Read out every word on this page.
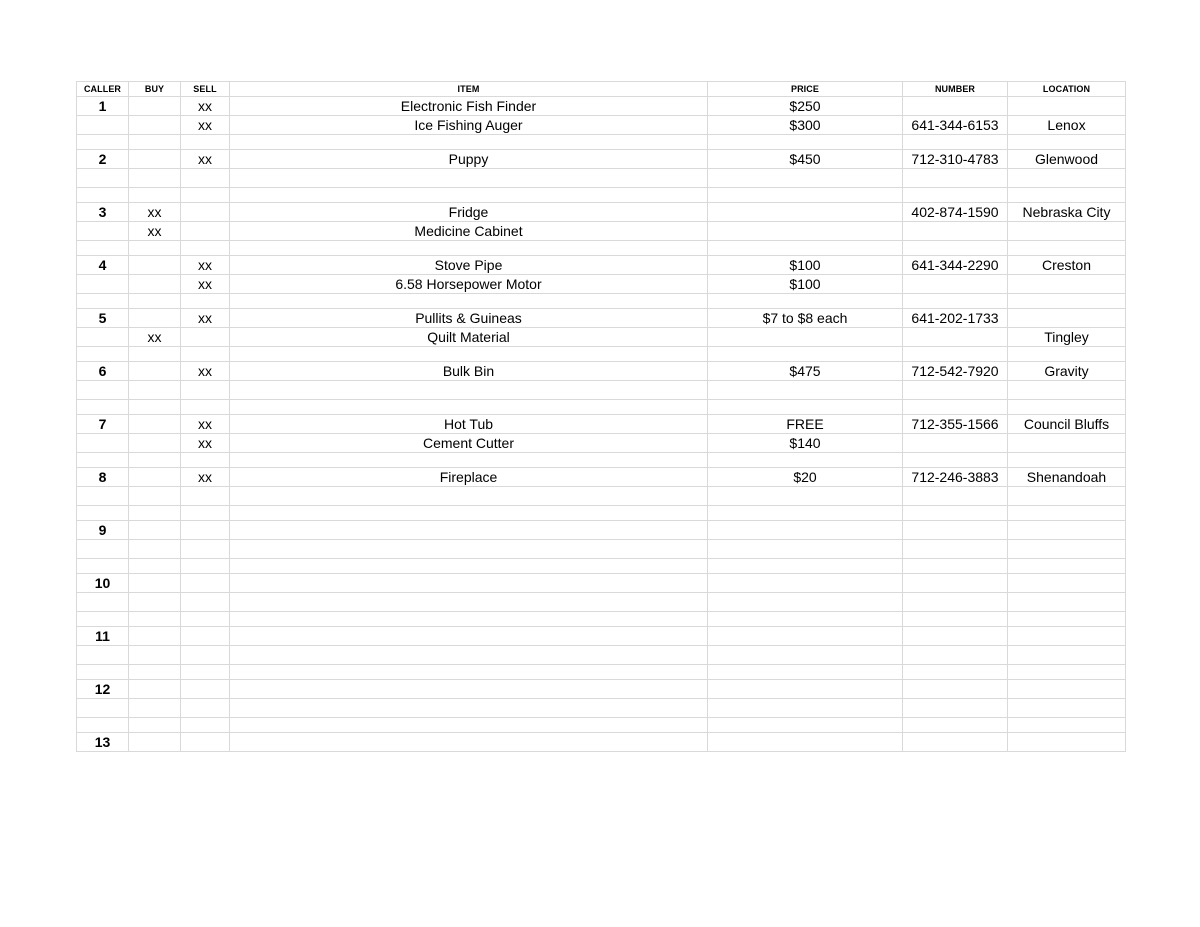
CALLER	BUY	SELL	ITEM	PRICE	NUMBER	LOCATION
1		xx	Electronic Fish Finder	$250		
		xx	Ice Fishing Auger	$300	641-344-6153	Lenox

2		xx	Puppy	$450	712-310-4783	Glenwood

3	xx		Fridge		402-874-1590	Nebraska City
	xx		Medicine Cabinet			

4		xx	Stove Pipe	$100	641-344-2290	Creston
		xx	6.58 Horsepower Motor	$100		

5		xx	Pullits & Guineas	$7 to $8 each	641-202-1733	
	xx		Quilt Material			Tingley

6		xx	Bulk Bin	$475	712-542-7920	Gravity

7		xx	Hot Tub	FREE	712-355-1566	Council Bluffs
		xx	Cement Cutter	$140		

8		xx	Fireplace	$20	712-246-3883	Shenandoah

9						

10						

11						

12						

13						
